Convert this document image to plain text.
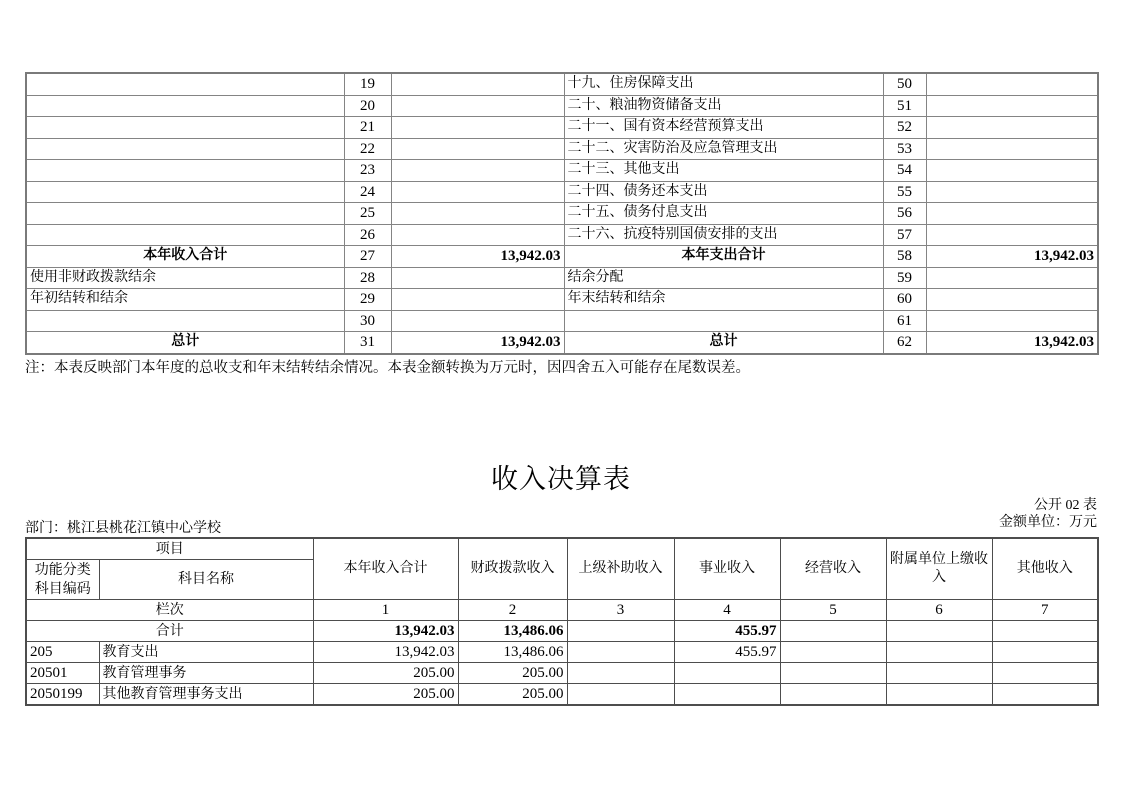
	19		十九、住房保障支出	50	
	20		二十、粮油物资储备支出	51	
	21		二十一、国有资本经营预算支出	52	
	22		二十二、灾害防治及应急管理支出	53	
	23		二十三、其他支出	54	
	24		二十四、债务还本支出	55	
	25		二十五、债务付息支出	56	
	26		二十六、抗疫特别国债安排的支出	57	
本年收入合计	27	13,942.03	本年支出合计	58	13,942.03
使用非财政拨款结余	28		结余分配	59	
年初结转和结余	29		年末结转和结余	60	
	30			61	
总计	31	13,942.03	总计	62	13,942.03
注：本表反映部门本年度的总收支和年末结转结余情况。本表金额转换为万元时，因四舍五入可能存在尾数误差。
收入决算表
公开 02 表
金额单位：万元
部门：桃江县桃花江镇中心学校
项目		本年收入合计	财政拨款收入	上级补助收入	事业收入	经营收入	附属单位上缴收入	其他收入

功能分类
科目编码	科目名称							
栏次		1	2	3	4	5	6	7
合计		13,942.03	13,486.06		455.97			
205	教育支出	13,942.03	13,486.06		455.97			
20501	教育管理事务	205.00	205.00					
2050199	其他教育管理事务支出	205.00	205.00					
